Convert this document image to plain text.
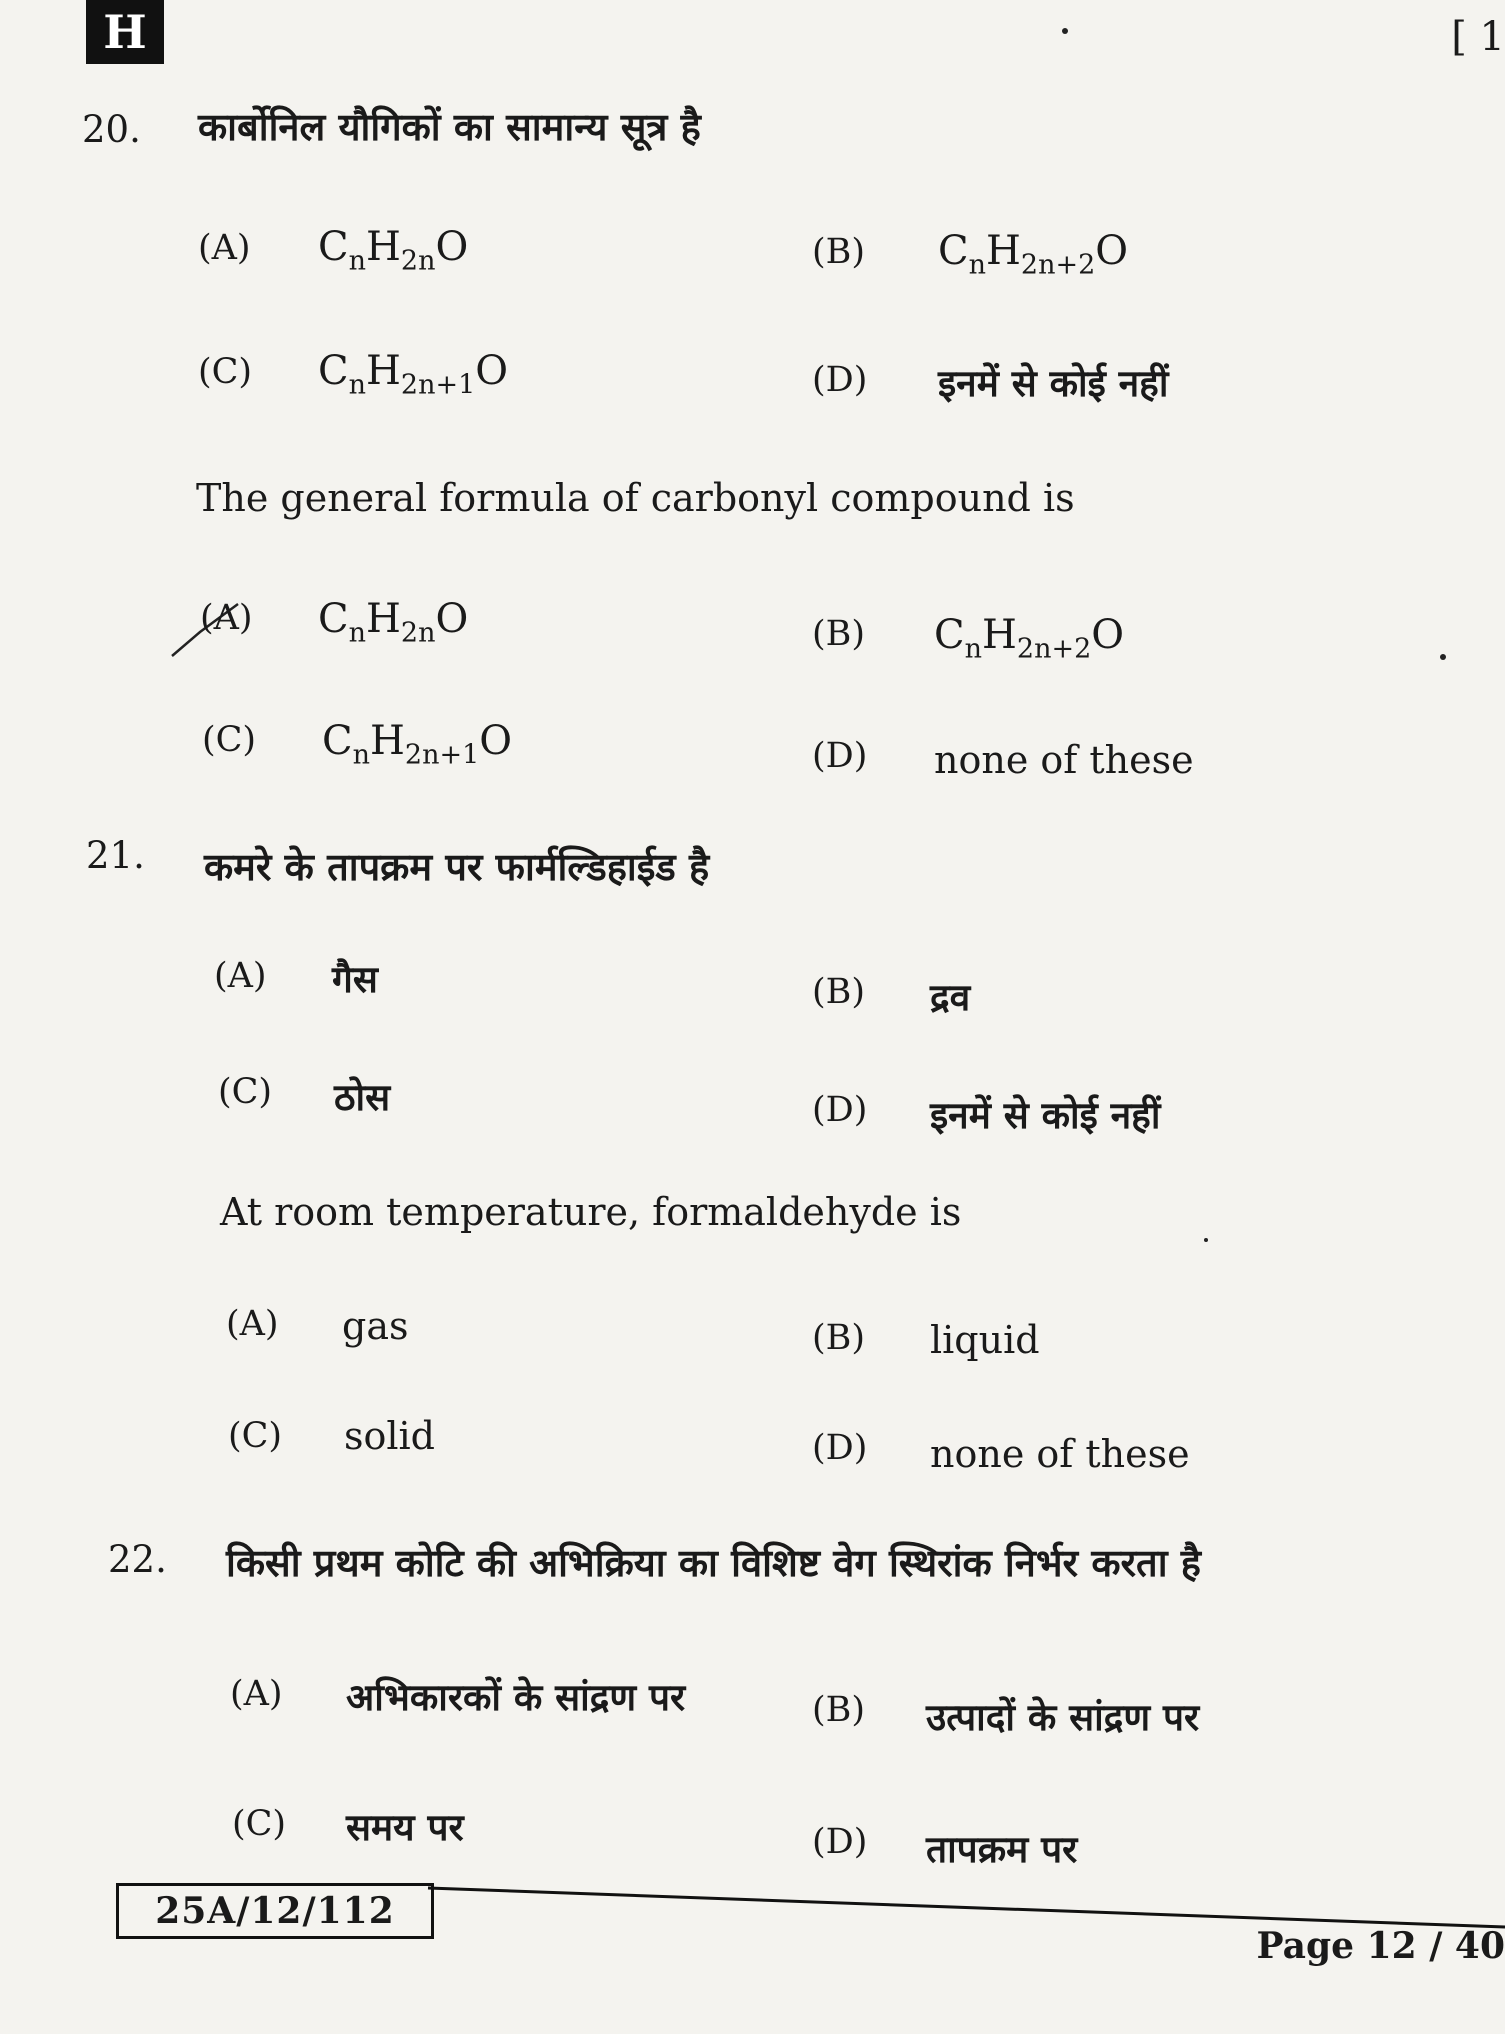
H	[ 1
20. कार्बोनिल यौगिकों का सामान्य सूत्र है
(A) $C_nH_{2n}O$	(B) $C_nH_{2n+2}O$
(C) $C_nH_{2n+1}O$	(D) इनमें से कोई नहीं
The general formula of carbonyl compound is
(A) $C_nH_{2n}O$	(B) $C_nH_{2n+2}O$
(C) $C_nH_{2n+1}O$	(D) none of these
21. कमरे के तापक्रम पर फार्मल्डिहाईड है
(A) गैस	(B) द्रव
(C) ठोस	(D) इनमें से कोई नहीं
At room temperature, formaldehyde is
(A) gas	(B) liquid
(C) solid	(D) none of these
22. किसी प्रथम कोटि की अभिक्रिया का विशिष्ट वेग स्थिरांक निर्भर करता है
(A) अभिकारकों के सांद्रण पर	(B) उत्पादों के सांद्रण पर
(C) समय पर	(D) तापक्रम पर
25A/12/112
Page 12 / 40
